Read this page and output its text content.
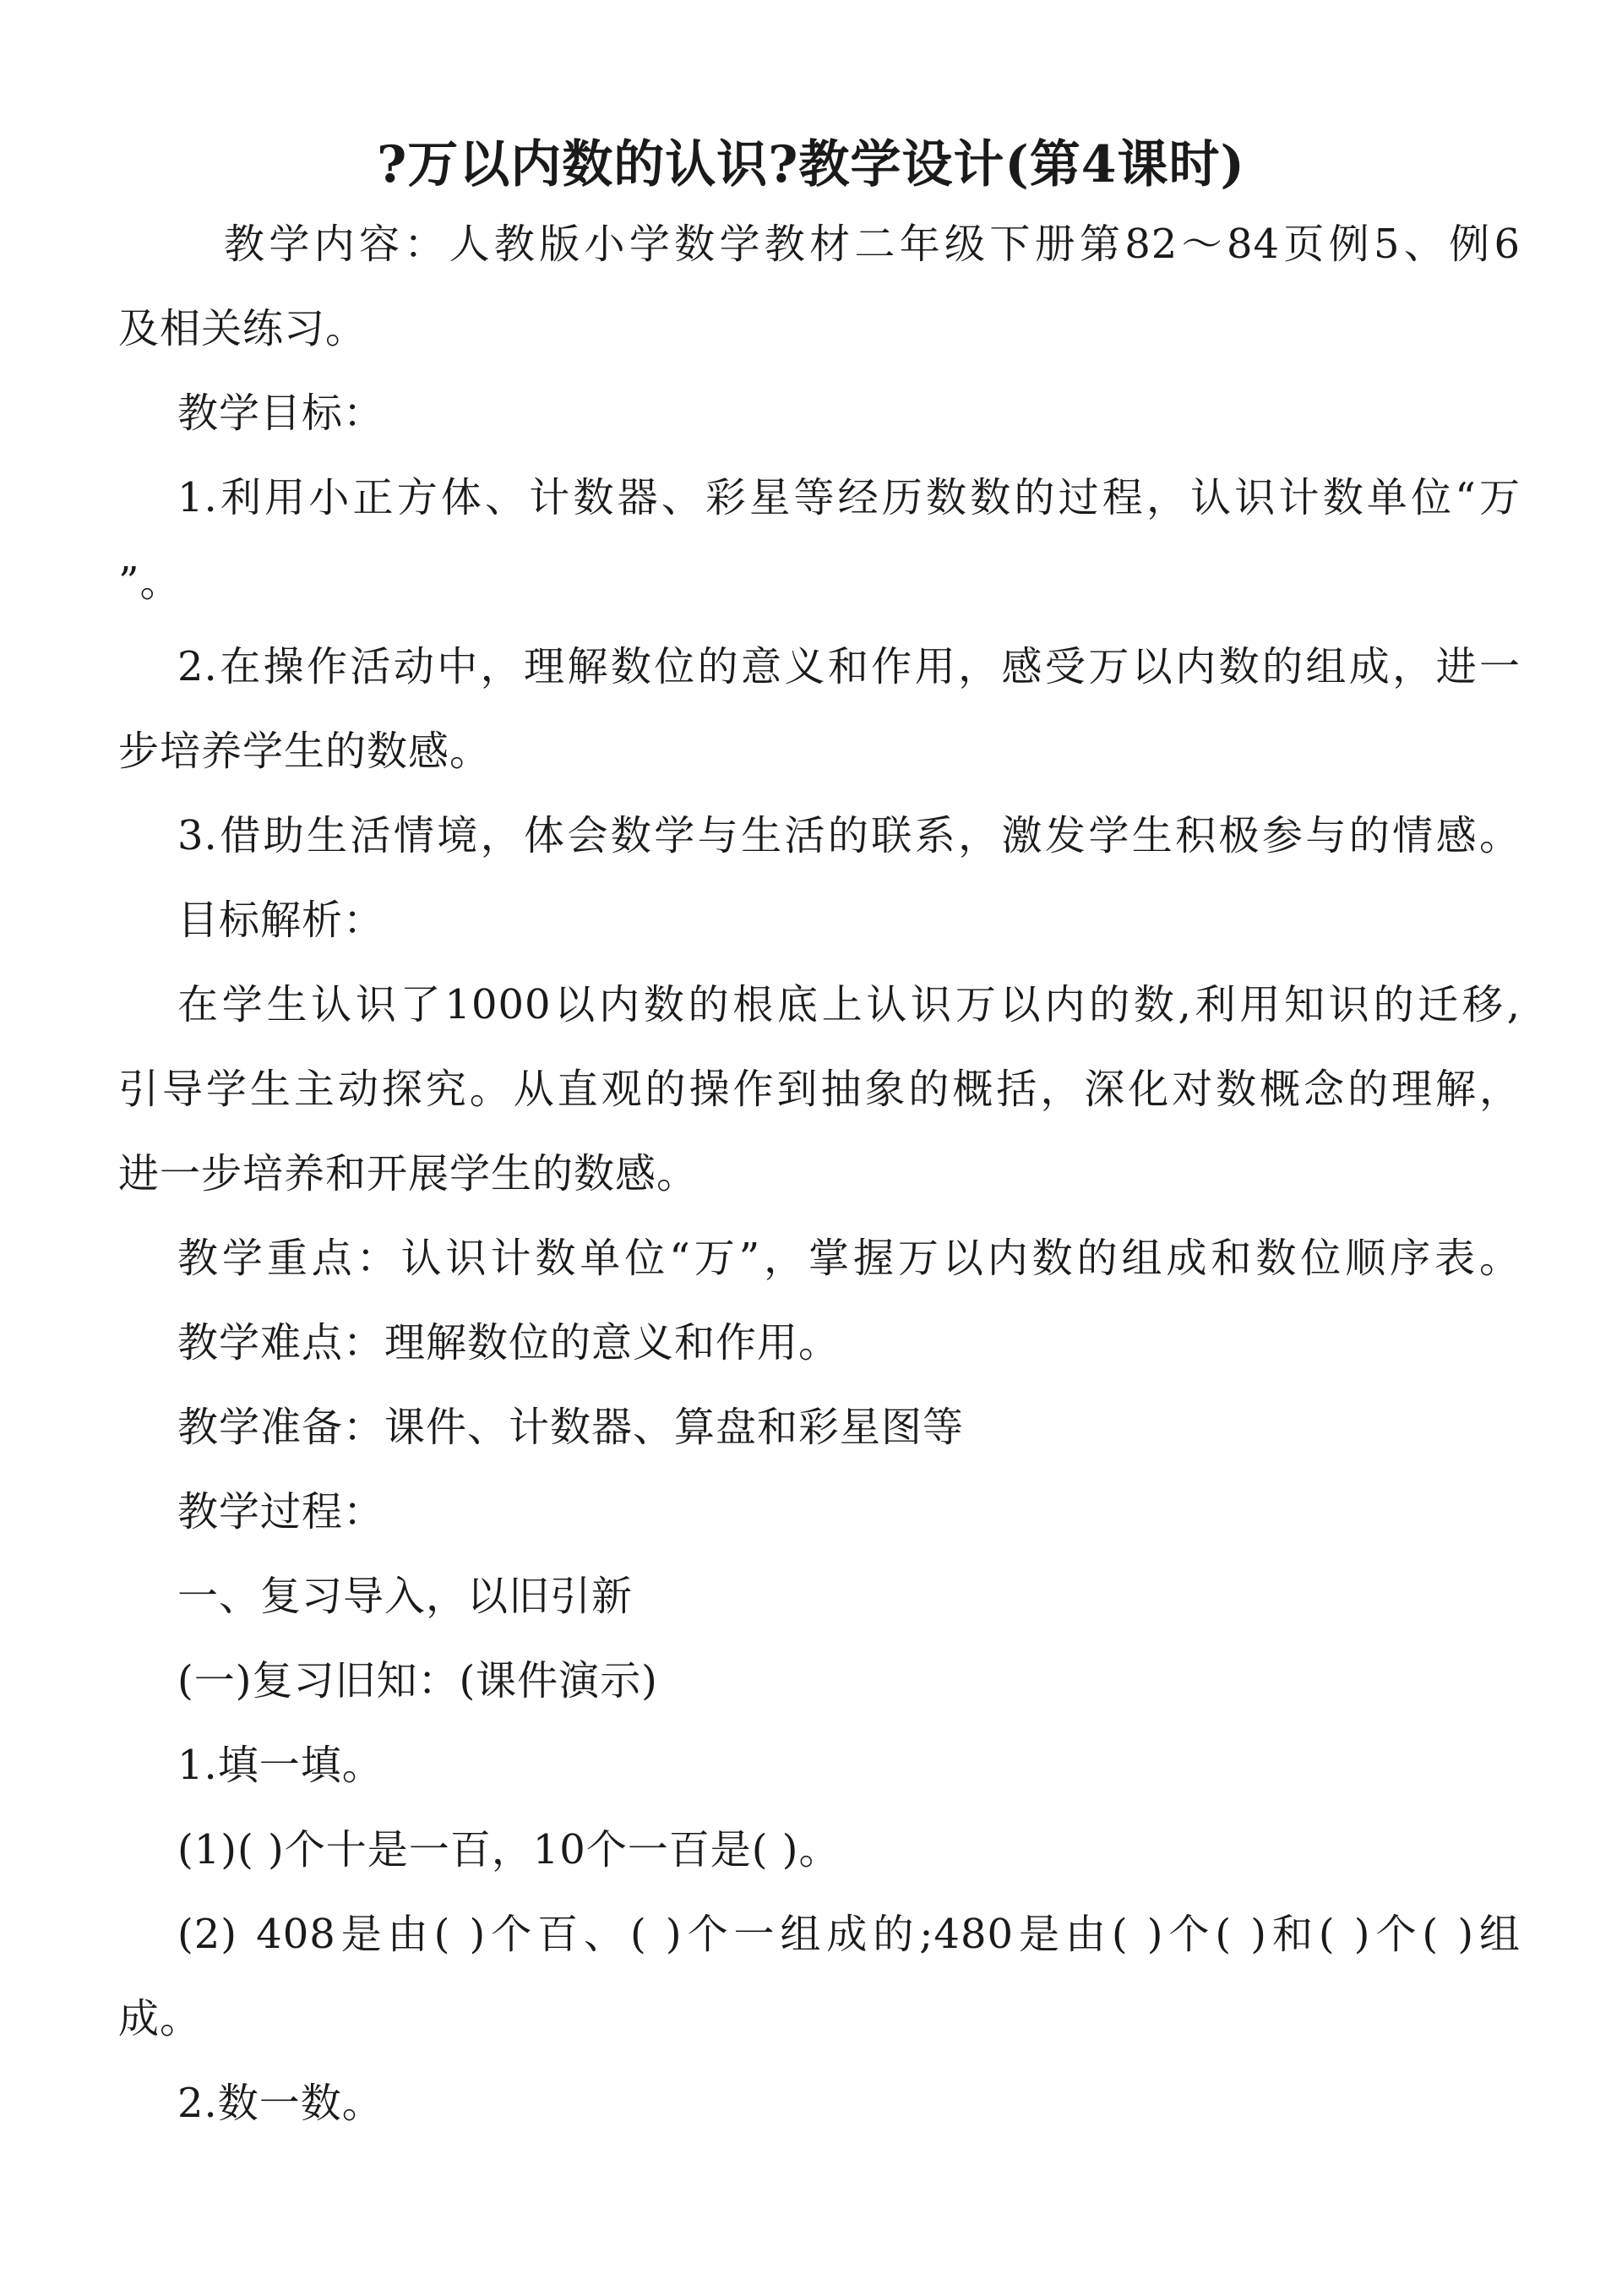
?万以内数的认识?教学设计(第4课时)
教学内容：人教版小学数学教材二年级下册第82～84页例5、例6
及相关练习。
教学目标：
1.利用小正方体、计数器、彩星等经历数数的过程，认识计数单位“万
”。
2.在操作活动中，理解数位的意义和作用，感受万以内数的组成，进一
步培养学生的数感。
3.借助生活情境，体会数学与生活的联系，激发学生积极参与的情感。
目标解析：
在学生认识了1000以内数的根底上认识万以内的数,利用知识的迁移,
引导学生主动探究。从直观的操作到抽象的概括，深化对数概念的理解，
进一步培养和开展学生的数感。
教学重点：认识计数单位“万”，掌握万以内数的组成和数位顺序表。
教学难点：理解数位的意义和作用。
教学准备：课件、计数器、算盘和彩星图等
教学过程：
一、复习导入，以旧引新
(一)复习旧知：(课件演示)
1.填一填。
(1)( )个十是一百，10个一百是( )。
(2) 408是由( )个百、( )个一组成的;480是由( )个( )和( )个( )组
成。
2.数一数。
